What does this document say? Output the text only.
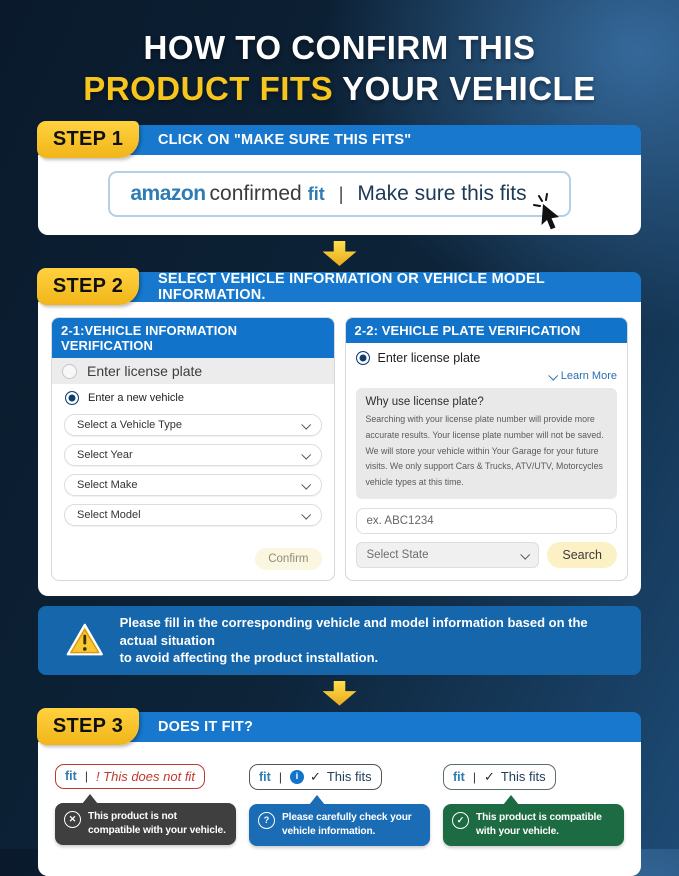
HOW TO CONFIRM THIS
PRODUCT FITS YOUR VEHICLE
STEP 1	CLICK ON "MAKE SURE THIS FITS"
amazon confirmed fit | Make sure this fits
STEP 2	SELECT VEHICLE INFORMATION OR VEHICLE MODEL INFORMATION.
2-1:VEHICLE INFORMATION VERIFICATION
Enter license plate
Enter a new vehicle
Select a Vehicle Type
Select Year
Select Make
Select Model
Confirm
2-2: VEHICLE PLATE VERIFICATION
Enter license plate
Learn More
Why use license plate?
Searching with your license plate number will provide more accurate results. Your license plate number will not be saved. We will store your vehicle within Your Garage for your future visits. We only support Cars & Trucks, ATV/UTV, Motorcycles vehicle types at this time.
ex. ABC1234
Select State	Search
Please fill in the corresponding vehicle and model information based on the actual situation
to avoid affecting the product installation.
STEP 3	DOES IT FIT?
fit | ! This does not fit
✕	This product is not compatible with your vehicle.
fit |	i ✓ This fits
?	Please carefully check your vehicle information.
fit | ✓ This fits
✓	This product is compatible with your vehicle.
